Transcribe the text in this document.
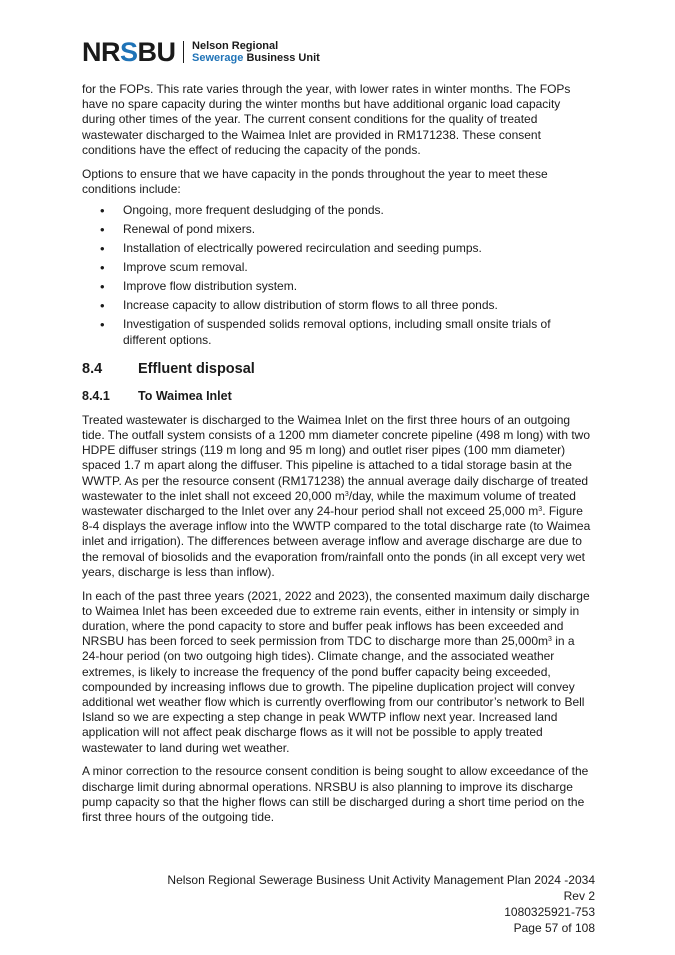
NRSBU Nelson Regional
Sewerage Business Unit

for the FOPs. This rate varies through the year, with lower rates in winter months. The FOPs have no spare capacity during the winter months but have additional organic load capacity during other times of the year. The current consent conditions for the quality of treated wastewater discharged to the Waimea Inlet are provided in RM171238. These consent conditions have the effect of reducing the capacity of the ponds.

Options to ensure that we have capacity in the ponds throughout the year to meet these conditions include:

• Ongoing, more frequent desludging of the ponds.
• Renewal of pond mixers.
• Installation of electrically powered recirculation and seeding pumps.
• Improve scum removal.
• Improve flow distribution system.
• Increase capacity to allow distribution of storm flows to all three ponds.
• Investigation of suspended solids removal options, including small onsite trials of different options.
8.4	Effluent disposal
8.4.1	To Waimea Inlet

Treated wastewater is discharged to the Waimea Inlet on the first three hours of an outgoing tide. The outfall system consists of a 1200 mm diameter concrete pipeline (498 m long) with two HDPE diffuser strings (119 m long and 95 m long) and outlet riser pipes (100 mm diameter) spaced 1.7 m apart along the diffuser. This pipeline is attached to a tidal storage basin at the WWTP. As per the resource consent (RM171238) the annual average daily discharge of treated wastewater to the inlet shall not exceed 20,000 $m^3$/day, while the maximum volume of treated wastewater discharged to the Inlet over any 24-hour period shall not exceed 25,000 $m^3$. Figure 8-4 displays the average inflow into the WWTP compared to the total discharge rate (to Waimea inlet and irrigation). The differences between average inflow and average discharge are due to the removal of biosolids and the evaporation from/rainfall onto the ponds (in all except very wet years, discharge is less than inflow).

In each of the past three years (2021, 2022 and 2023), the consented maximum daily discharge to Waimea Inlet has been exceeded due to extreme rain events, either in intensity or simply in duration, where the pond capacity to store and buffer peak inflows has been exceeded and NRSBU has been forced to seek permission from TDC to discharge more than $25,000m^3$ in a 24-hour period (on two outgoing high tides). Climate change, and the associated weather extremes, is likely to increase the frequency of the pond buffer capacity being exceeded, compounded by increasing inflows due to growth. The pipeline duplication project will convey additional wet weather flow which is currently overflowing from our contributor’s network to Bell Island so we are expecting a step change in peak WWTP inflow next year. Increased land application will not affect peak discharge flows as it will not be possible to apply treated wastewater to land during wet weather.

A minor correction to the resource consent condition is being sought to allow exceedance of the discharge limit during abnormal operations. NRSBU is also planning to improve its discharge pump capacity so that the higher flows can still be discharged during a short time period on the first three hours of the outgoing tide.

Nelson Regional Sewerage Business Unit Activity Management Plan 2024 -2034
Rev 2
1080325921-753
Page 57 of 108
